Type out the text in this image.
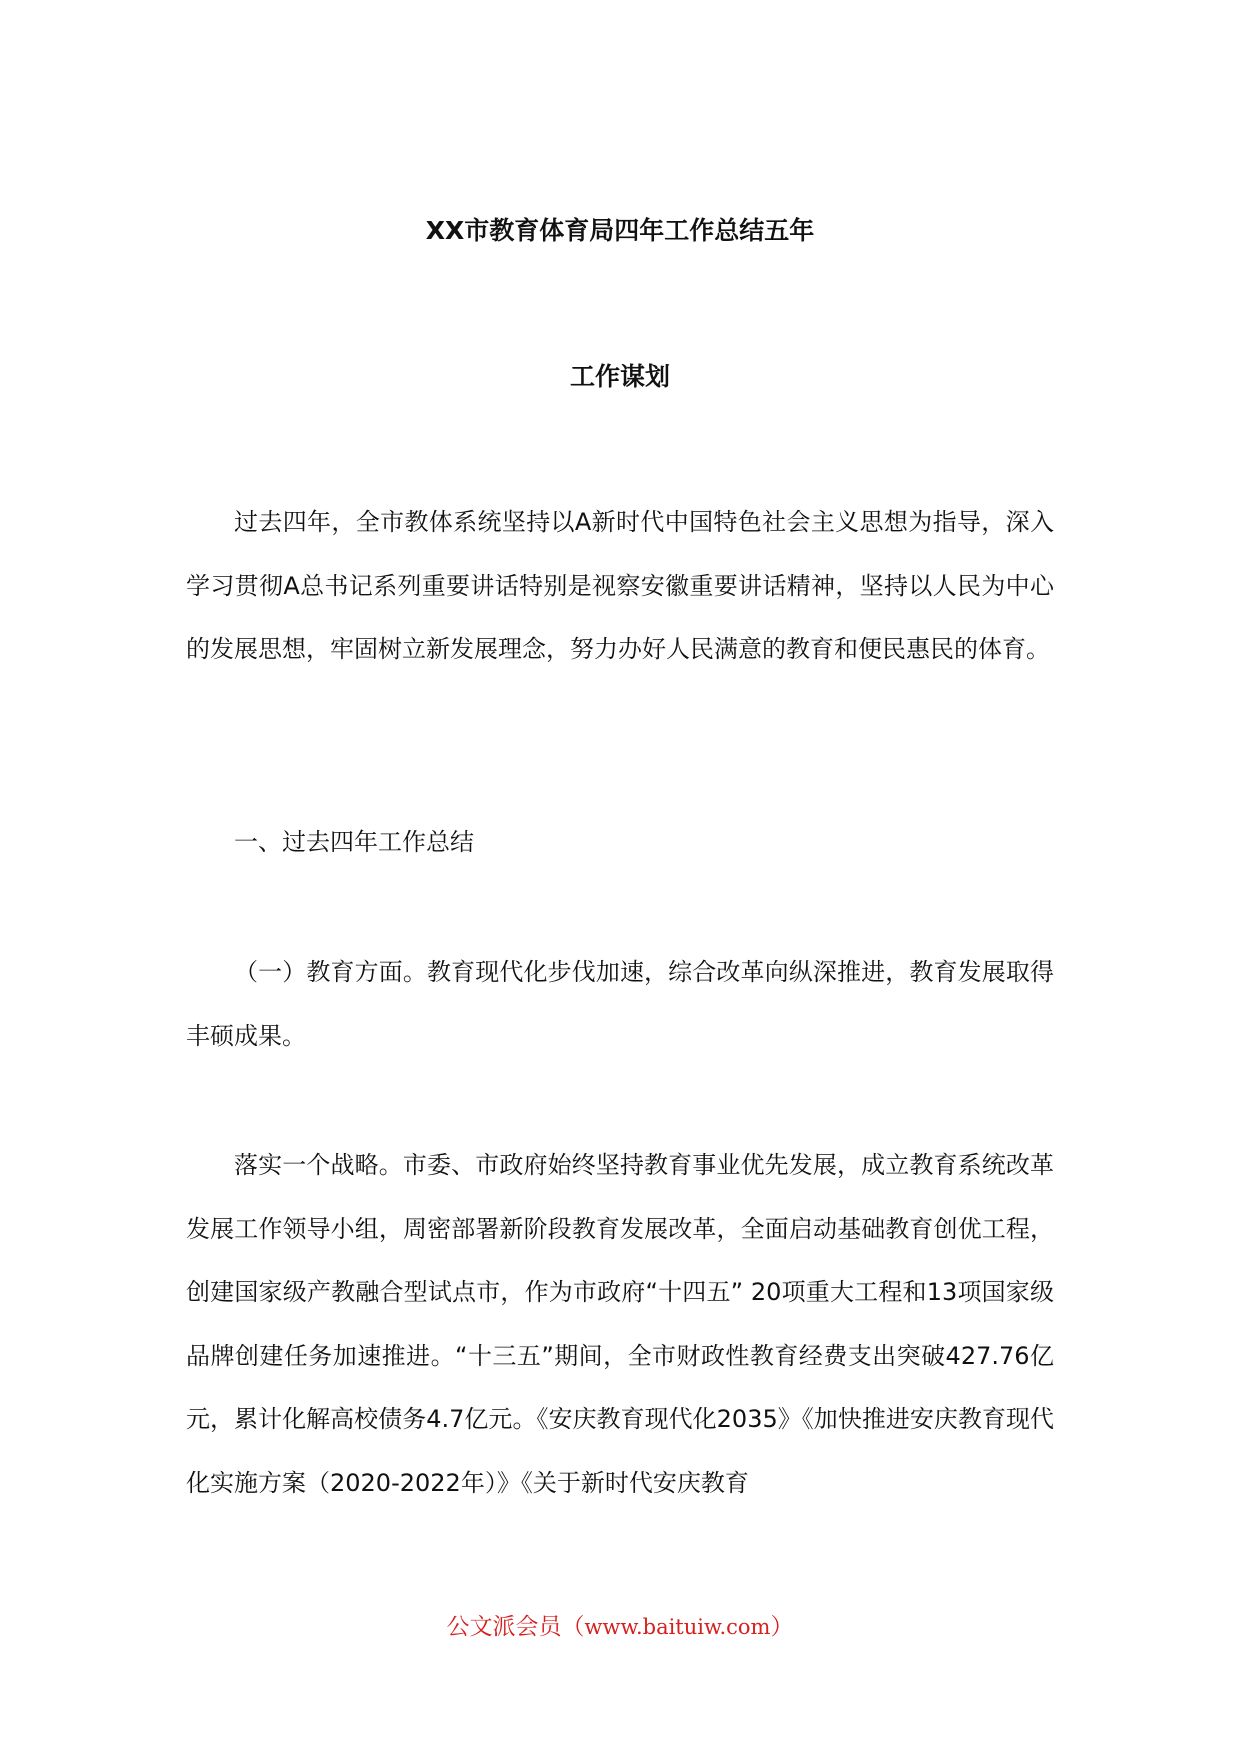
XX市教育体育局四年工作总结五年
工作谋划
过去四年，全市教体系统坚持以A新时代中国特色社会主义思想为指导，深入学习贯彻A总书记系列重要讲话特别是视察安徽重要讲话精神，坚持以人民为中心的发展思想，牢固树立新发展理念，努力办好人民满意的教育和便民惠民的体育。
一、过去四年工作总结
（一）教育方面。教育现代化步伐加速，综合改革向纵深推进，教育发展取得丰硕成果。
落实一个战略。市委、市政府始终坚持教育事业优先发展，成立教育系统改革发展工作领导小组，周密部署新阶段教育发展改革，全面启动基础教育创优工程，创建国家级产教融合型试点市，作为市政府“十四五” 20项重大工程和13项国家级品牌创建任务加速推进。“十三五”期间，全市财政性教育经费支出突破427.76亿元，累计化解高校债务4.7亿元。《安庆教育现代化2035》《加快推进安庆教育现代化实施方案（2020-2022年）》《关于新时代安庆教育
公文派会员（www.baituiw.com）
